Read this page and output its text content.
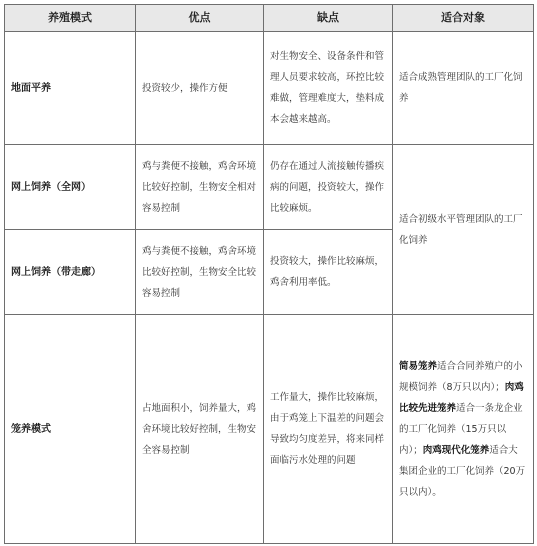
养殖模式	优点	缺点	适合对象
地面平养	投资较少，操作方便	对生物安全、设备条件和管理人员要求较高，环控比较难做，管理难度大，垫料成本会越来越高。	适合成熟管理团队的工厂化饲养
网上饲养（全网）	鸡与粪便不接触，鸡舍环境比较好控制，生物安全相对容易控制	仍存在通过人流接触传播疾病的问题，投资较大，操作比较麻烦。	适合初级水平管理团队的工厂化饲养
网上饲养（带走廊）	鸡与粪便不接触，鸡舍环境比较好控制，生物安全比较容易控制	投资较大，操作比较麻烦，鸡舍利用率低。	
笼养模式	占地面积小，饲养量大，鸡舍环境比较好控制，生物安全容易控制	工作量大，操作比较麻烦，由于鸡笼上下温差的问题会导致均匀度差异，将来同样面临污水处理的问题	简易笼养适合合同养殖户的小规模饲养（8万只以内）；肉鸡比较先进笼养适合一条龙企业的工厂化饲养（15万只以内）；肉鸡现代化笼养适合大集团企业的工厂化饲养（20万只以内）。
